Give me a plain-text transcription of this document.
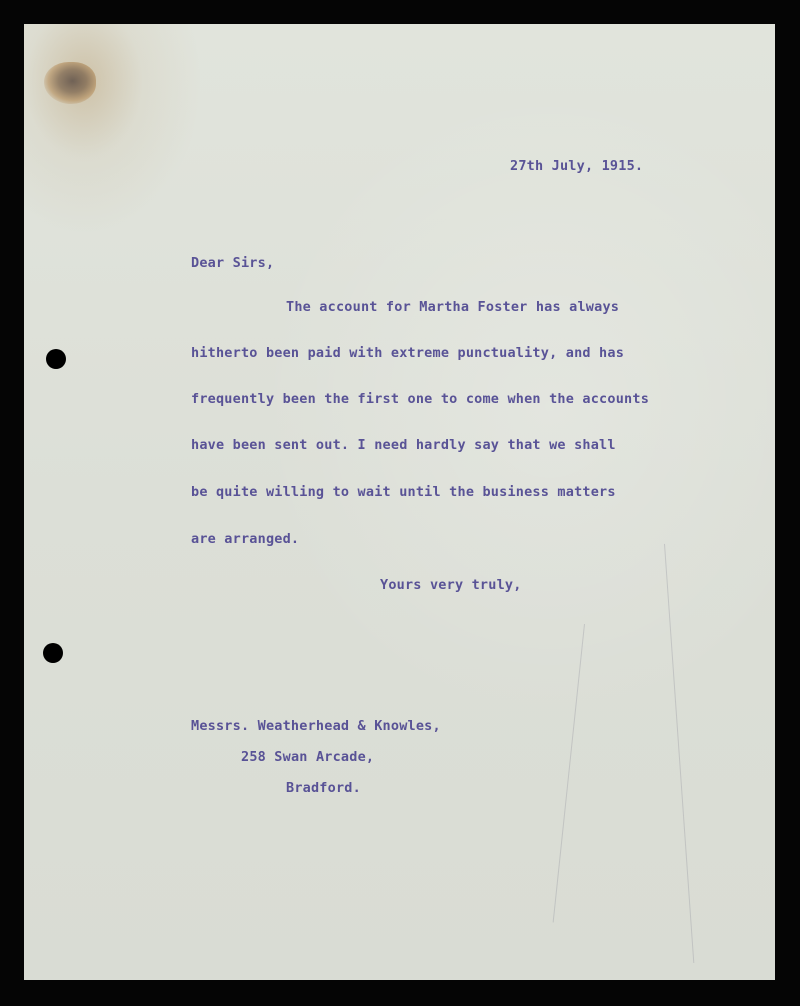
27th July, 1915.
Dear Sirs,
The account for Martha Foster has always
hitherto been paid with extreme punctuality, and has
frequently been the first one to come when the accounts
have been sent out. I need hardly say that we shall
be quite willing to wait until the business matters
are arranged.
Yours very truly,
Messrs. Weatherhead & Knowles,
258 Swan Arcade,
Bradford.
